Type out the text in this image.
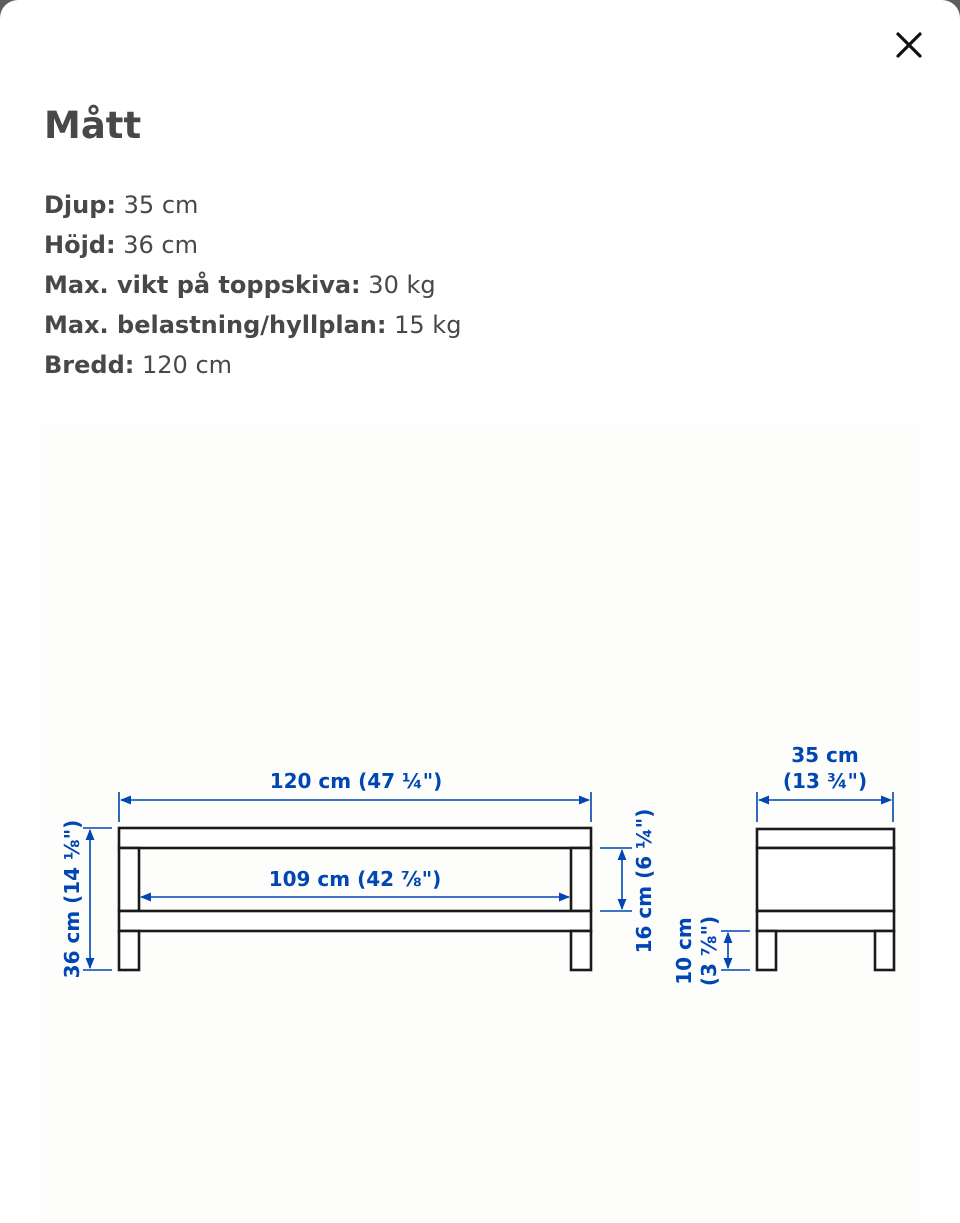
Mått
Djup: 35 cm
Höjd: 36 cm
Max. vikt på toppskiva: 30 kg
Max. belastning/hyllplan: 15 kg
Bredd: 120 cm
120 cm (47 ¼")
109 cm (42 ⅞")
36 cm (14 ⅛")	16 cm (6 ¼")
35 cm
(13 ¾")
10 cm (3 ⅞")
